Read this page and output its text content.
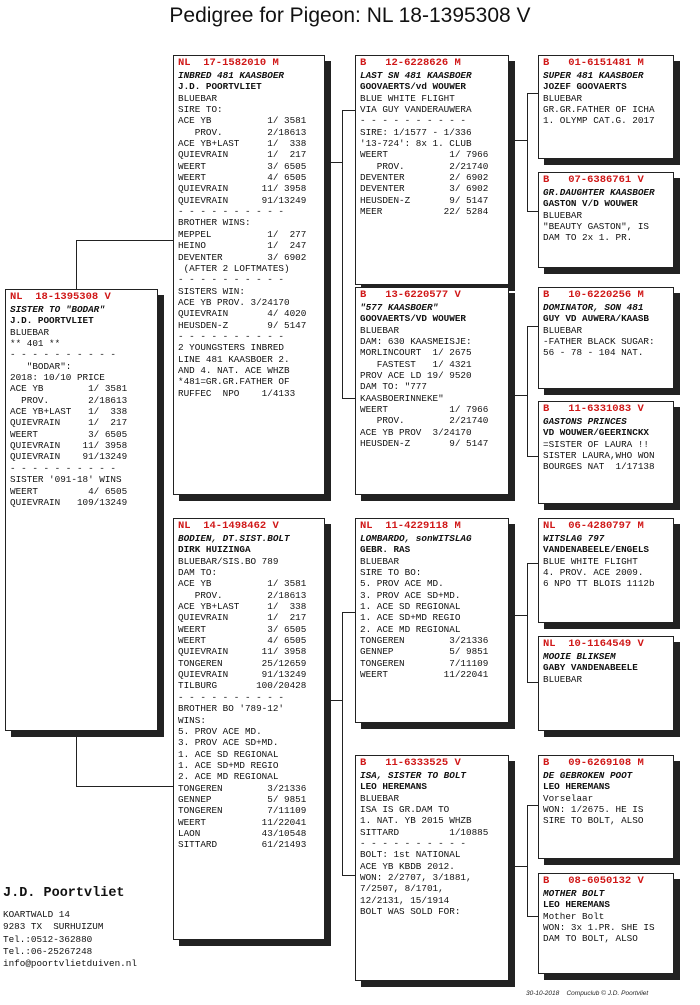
Pedigree for Pigeon: NL 18-1395308 V
NL  18-1395308 V
SISTER TO "BODAR"
J.D. POORTVLIET
BLUEBAR
** 401 **
- - - - - - - - - -
"BODAR":
2018: 10/10 PRICE
ACE YB        1/ 3581
PROV.       2/18613
ACE YB+LAST   1/  338
QUIEVRAIN     1/  217
WEERT         3/ 6505
QUIEVRAIN    11/ 3958
QUIEVRAIN    91/13249
- - - - - - - - - -
SISTER '091-18' WINS
WEERT         4/ 6505
QUIEVRAIN   109/13249
NL  17-1582010 M
INBRED 481 KAASBOER
J.D. POORTVLIET
BLUEBAR
SIRE TO:
ACE YB          1/ 3581
PROV.        2/18613
ACE YB+LAST     1/  338
QUIEVRAIN       1/  217
WEERT           3/ 6505
WEERT           4/ 6505
QUIEVRAIN      11/ 3958
QUIEVRAIN      91/13249
- - - - - - - - - -
BROTHER WINS:
MEPPEL          1/  277
HEINO           1/  247
DEVENTER        3/ 6902
(AFTER 2 LOFTMATES)
- - - - - - - - - -
SISTERS WIN:
ACE YB PROV. 3/24170
QUIEVRAIN       4/ 4020
HEUSDEN-Z       9/ 5147
- - - - - - - - - -
2 YOUNGSTERS INBRED
LINE 481 KAASBOER 2.
AND 4. NAT. ACE WHZB
*481=GR.GR.FATHER OF
RUFFEC  NPO    1/4133
NL  14-1498462 V
BODIEN, DT.SIST.BOLT
DIRK HUIZINGA
BLUEBAR/SIS.BO 789
DAM TO:
ACE YB          1/ 3581
PROV.        2/18613
ACE YB+LAST     1/  338
QUIEVRAIN       1/  217
WEERT           3/ 6505
WEERT           4/ 6505
QUIEVRAIN      11/ 3958
TONGEREN       25/12659
QUIEVRAIN      91/13249
TILBURG       100/20428
- - - - - - - - - -
BROTHER BO '789-12'
WINS:
5. PROV ACE MD.
3. PROV ACE SD+MD.
1. ACE SD REGIONAL
1. ACE SD+MD REGIO
2. ACE MD REGIONAL
TONGEREN        3/21336
GENNEP          5/ 9851
TONGEREN        7/11109
WEERT          11/22041
LAON           43/10548
SITTARD        61/21493
B   12-6228626 M
LAST SN 481 KAASBOER
GOOVAERTS/vd WOUWER
BLUE WHITE FLIGHT
VIA GUY VANDERAUWERA
- - - - - - - - - -
SIRE: 1/1577 - 1/336
'13-724': 8x 1. CLUB
WEERT           1/ 7966
PROV.        2/21740
DEVENTER        2/ 6902
DEVENTER        3/ 6902
HEUSDEN-Z       9/ 5147
MEER           22/ 5284
B   13-6220577 V
"577 KAASBOER"
GOOVAERTS/VD WOUWER
BLUEBAR
DAM: 630 KAASMEISJE:
MORLINCOURT  1/ 2675
FASTEST   1/ 4321
PROV ACE LD 19/ 9520
DAM TO: "777
KAASBOERINNEKE"
WEERT           1/ 7966
PROV.        2/21740
ACE YB PROV  3/24170
HEUSDEN-Z       9/ 5147
NL  11-4229118 M
LOMBARDO, sonWITSLAG
GEBR. RAS
BLUEBAR
SIRE TO BO:
5. PROV ACE MD.
3. PROV ACE SD+MD.
1. ACE SD REGIONAL
1. ACE SD+MD REGIO
2. ACE MD REGIONAL
TONGEREN        3/21336
GENNEP          5/ 9851
TONGEREN        7/11109
WEERT          11/22041
B   11-6333525 V
ISA, SISTER TO BOLT
LEO HEREMANS
BLUEBAR
ISA IS GR.DAM TO
1. NAT. YB 2015 WHZB
SITTARD         1/10885
- - - - - - - - - -
BOLT: 1st NATIONAL
ACE YB KBDB 2012.
WON: 2/2707, 3/1881,
7/2507, 8/1701,
12/2131, 15/1914
BOLT WAS SOLD FOR:
B   01-6151481 M
SUPER 481 KAASBOER
JOZEF GOOVAERTS
BLUEBAR
GR.GR.FATHER OF ICHA
1. OLYMP CAT.G. 2017
B   07-6386761 V
GR.DAUGHTER KAASBOER
GASTON V/D WOUWER
BLUEBAR
"BEAUTY GASTON", IS
DAM TO 2x 1. PR.
B   10-6220256 M
DOMINATOR, SON 481
GUY VD AUWERA/KAASB
BLUEBAR
-FATHER BLACK SUGAR:
56 - 78 - 104 NAT.
B   11-6331083 V
GASTONS PRINCES
VD WOUWER/GEERINCKX
=SISTER OF LAURA !!
SISTER LAURA,WHO WON
BOURGES NAT  1/17138
NL  06-4280797 M
WITSLAG 797
VANDENABEELE/ENGELS
BLUE WHITE FLIGHT
4. PROV. ACE 2009.
6 NPO TT BLOIS 1112b
NL  10-1164549 V
MOOIE BLIKSEM
GABY VANDENABEELE
BLUEBAR
B   09-6269108 M
DE GEBROKEN POOT
LEO HEREMANS
Vorselaar
WON: 1/2675. HE IS
SIRE TO BOLT, ALSO
B   08-6050132 V
MOTHER BOLT
LEO HEREMANS
Mother Bolt
WON: 3x 1.PR. SHE IS
DAM TO BOLT, ALSO
J.D. Poortvliet
KOARTWALD 14
9283 TX  SURHUIZUM
Tel.:0512-362880
Tel.:06-25267248
info@poortvlietduiven.nl
30-10-2018    Compuclub © J.D. Poortvliet
